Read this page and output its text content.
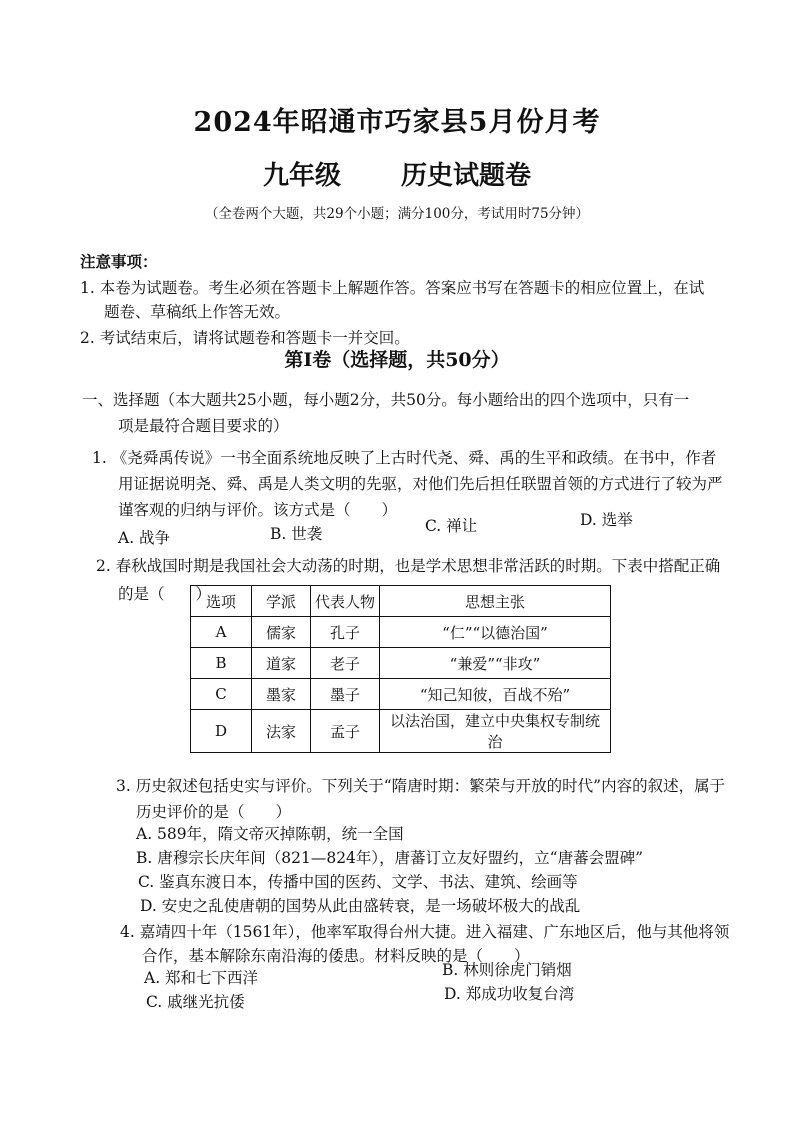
2024年昭通市巧家县5月份月考
九年级 历史试题卷
（全卷两个大题，共29个小题；满分100分，考试用时75分钟）
注意事项：
1. 本卷为试题卷。考生必须在答题卡上解题作答。答案应书写在答题卡的相应位置上，在试
题卷、草稿纸上作答无效。
2. 考试结束后，请将试题卷和答题卡一并交回。
第Ⅰ卷（选择题，共50分）
一、选择题（本大题共25小题，每小题2分，共50分。每小题给出的四个选项中，只有一
项是最符合题目要求的）
1. 《尧舜禹传说》一书全面系统地反映了上古时代尧、舜、禹的生平和政绩。在书中，作者
用证据说明尧、舜、禹是人类文明的先驱，对他们先后担任联盟首领的方式进行了较为严
谨客观的归纳与评价。该方式是（　　）
A. 战争	B. 世袭	C. 禅让	D. 选举
2. 春秋战国时期是我国社会大动荡的时期，也是学术思想非常活跃的时期。下表中搭配正确
的是（　　）
选项	学派	代表人物	思想主张
A	儒家	孔子	“仁”“以德治国”
B	道家	老子	“兼爱”“非攻”
C	墨家	墨子	“知己知彼，百战不殆”
D	法家	孟子	以法治国，建立中央集权专制统治
3. 历史叙述包括史实与评价。下列关于“隋唐时期：繁荣与开放的时代”内容的叙述，属于
历史评价的是（　　）
A. 589年，隋文帝灭掉陈朝，统一全国
B. 唐穆宗长庆年间（821—824年），唐蕃订立友好盟约，立“唐蕃会盟碑”
C. 鉴真东渡日本，传播中国的医药、文学、书法、建筑、绘画等
D. 安史之乱使唐朝的国势从此由盛转衰，是一场破坏极大的战乱
4. 嘉靖四十年（1561年），他率军取得台州大捷。进入福建、广东地区后，他与其他将领
合作，基本解除东南沿海的倭患。材料反映的是（　　）
A. 郑和七下西洋	B. 林则徐虎门销烟
C. 戚继光抗倭	D. 郑成功收复台湾
